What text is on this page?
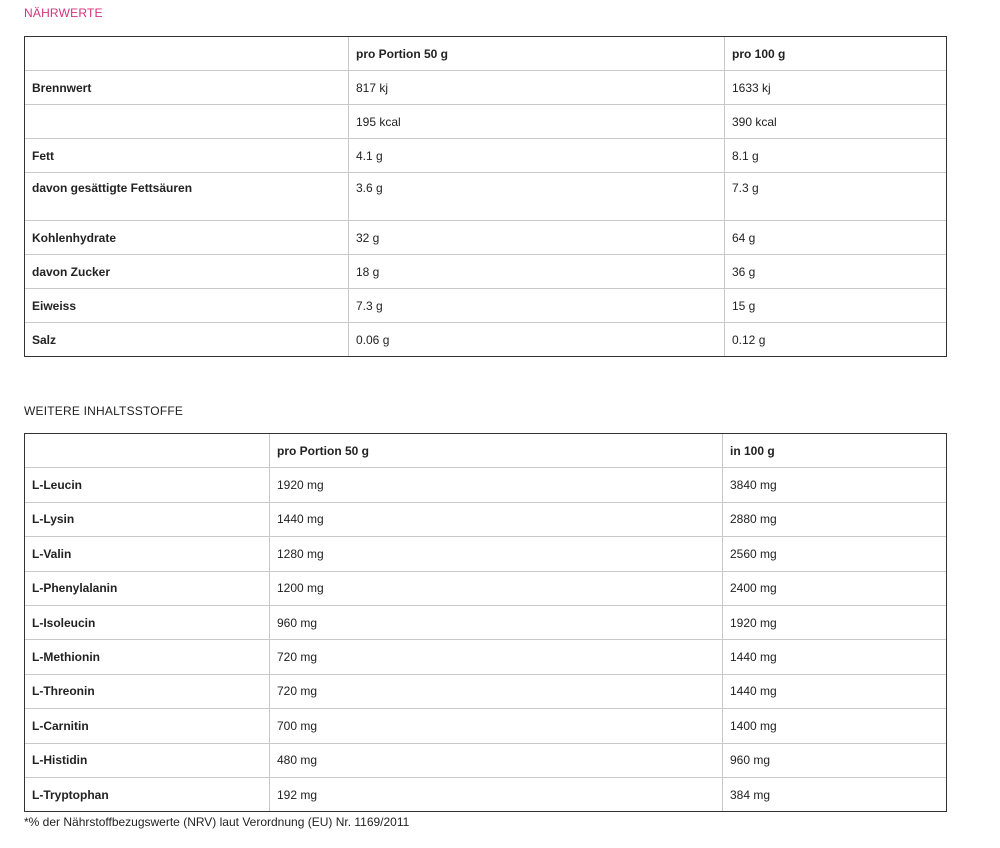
NÄHRWERTE
	pro Portion 50 g	pro 100 g
Brennwert	817 kj	1633 kj
	195 kcal	390 kcal
Fett	4.1 g	8.1 g
davon gesättigte Fettsäuren	3.6 g	7.3 g
Kohlenhydrate	32 g	64 g
davon Zucker	18 g	36 g
Eiweiss	7.3 g	15 g
Salz	0.06 g	0.12 g
WEITERE INHALTSSTOFFE
	pro Portion 50 g	in 100 g
L-Leucin	1920 mg	3840 mg
L-Lysin	1440 mg	2880 mg
L-Valin	1280 mg	2560 mg
L-Phenylalanin	1200 mg	2400 mg
L-Isoleucin	960 mg	1920 mg
L-Methionin	720 mg	1440 mg
L-Threonin	720 mg	1440 mg
L-Carnitin	700 mg	1400 mg
L-Histidin	480 mg	960 mg
L-Tryptophan	192 mg	384 mg
*% der Nährstoffbezugswerte (NRV) laut Verordnung (EU) Nr. 1169/2011
